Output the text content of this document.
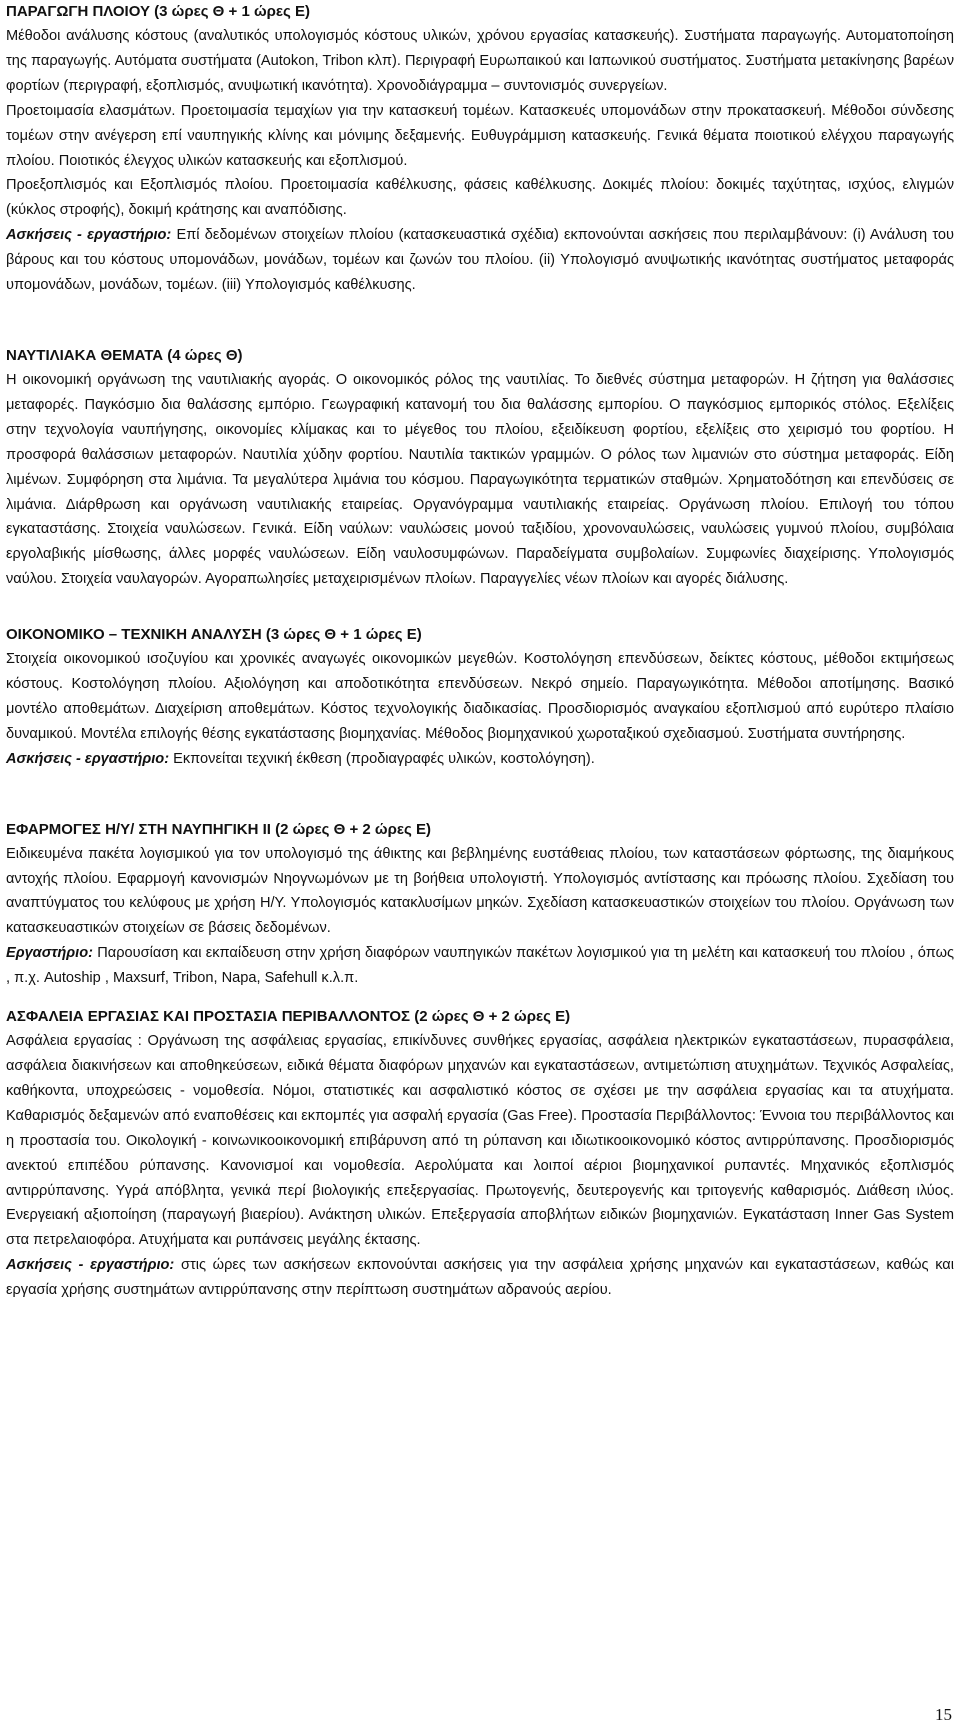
ΠΑΡΑΓΩΓΗ ΠΛΟΙΟΥ (3 ώρες Θ + 1 ώρες Ε)

Μέθοδοι ανάλυσης κόστους (αναλυτικός υπολογισμός κόστους υλικών, χρόνου εργασίας κατασκευής). Συστήματα παραγωγής. Αυτοματοποίηση της παραγωγής. Αυτόματα συστήματα (Autokon, Tribon κλπ). Περιγραφή Ευρωπαικού και Ιαπωνικού συστήματος. Συστήματα μετακίνησης βαρέων φορτίων (περιγραφή, εξοπλισμός, ανυψωτική ικανότητα). Χρονοδιάγραμμα – συντονισμός συνεργείων.

Προετοιμασία ελασμάτων. Προετοιμασία τεμαχίων για την κατασκευή τομέων. Κατασκευές υπομονάδων στην προκατασκευή. Μέθοδοι σύνδεσης τομέων στην ανέγερση επί ναυπηγικής κλίνης και μόνιμης δεξαμενής. Ευθυγράμμιση κατασκευής. Γενικά θέματα ποιοτικού ελέγχου παραγωγής πλοίου. Ποιοτικός έλεγχος υλικών κατασκευής και εξοπλισμού.

Προεξοπλισμός και Εξοπλισμός πλοίου. Προετοιμασία καθέλκυσης, φάσεις καθέλκυσης. Δοκιμές πλοίου: δοκιμές ταχύτητας, ισχύος, ελιγμών (κύκλος στροφής), δοκιμή κράτησης και αναπόδισης.

Ασκήσεις - εργαστήριο: Επί δεδομένων στοιχείων πλοίου (κατασκευαστικά σχέδια) εκπονούνται ασκήσεις που περιλαμβάνουν: (i) Ανάλυση του βάρους και του κόστους υπομονάδων, μονάδων, τομέων και ζωνών του πλοίου. (ii) Υπολογισμό ανυψωτικής ικανότητας συστήματος μεταφοράς υπομονάδων, μονάδων, τομέων. (iii) Υπολογισμός καθέλκυσης.

ΝΑΥΤΙΛΙΑΚΑ ΘΕΜΑΤΑ (4 ώρες Θ)

Η οικονομική οργάνωση της ναυτιλιακής αγοράς. Ο οικονομικός ρόλος της ναυτιλίας. Το διεθνές σύστημα μεταφορών. Η ζήτηση για θαλάσσιες μεταφορές. Παγκόσμιο δια θαλάσσης εμπόριο. Γεωγραφική κατανομή του δια θαλάσσης εμπορίου. Ο παγκόσμιος εμπορικός στόλος. Εξελίξεις στην τεχνολογία ναυπήγησης, οικονομίες κλίμακας και το μέγεθος του πλοίου, εξειδίκευση φορτίου, εξελίξεις στο χειρισμό του φορτίου. Η προσφορά θαλάσσιων μεταφορών. Ναυτιλία χύδην φορτίου. Ναυτιλία τακτικών γραμμών. Ο ρόλος των λιμανιών στο σύστημα μεταφοράς. Είδη λιμένων. Συμφόρηση στα λιμάνια. Τα μεγαλύτερα λιμάνια του κόσμου. Παραγωγικότητα τερματικών σταθμών. Χρηματοδότηση και επενδύσεις σε λιμάνια. Διάρθρωση και οργάνωση ναυτιλιακής εταιρείας. Οργανόγραμμα ναυτιλιακής εταιρείας. Οργάνωση πλοίου. Επιλογή του τόπου εγκαταστάσης. Στοιχεία ναυλώσεων. Γενικά. Είδη ναύλων: ναυλώσεις μονού ταξιδίου, χρονοναυλώσεις, ναυλώσεις γυμνού πλοίου, συμβόλαια εργολαβικής μίσθωσης, άλλες μορφές ναυλώσεων. Είδη ναυλοσυμφώνων. Παραδείγματα συμβολαίων. Συμφωνίες διαχείρισης. Υπολογισμός ναύλου. Στοιχεία ναυλαγορών. Αγοραπωλησίες μεταχειρισμένων πλοίων. Παραγγελίες νέων πλοίων και αγορές διάλυσης.

ΟΙΚΟΝΟΜΙΚΟ – ΤΕΧΝΙΚΗ ΑΝΑΛΥΣΗ (3 ώρες Θ + 1 ώρες Ε)

Στοιχεία οικονομικού ισοζυγίου και χρονικές αναγωγές οικονομικών μεγεθών. Κοστολόγηση επενδύσεων, δείκτες κόστους, μέθοδοι εκτιμήσεως κόστους. Κοστολόγηση πλοίου. Αξιολόγηση και αποδοτικότητα επενδύσεων. Νεκρό σημείο. Παραγωγικότητα. Μέθοδοι αποτίμησης. Βασικό μοντέλο αποθεμάτων. Διαχείριση αποθεμάτων. Κόστος τεχνολογικής διαδικασίας. Προσδιορισμός αναγκαίου εξοπλισμού από ευρύτερο πλαίσιο δυναμικού. Μοντέλα επιλογής θέσης εγκατάστασης βιομηχανίας. Μέθοδος βιομηχανικού χωροταξικού σχεδιασμού. Συστήματα συντήρησης.

Ασκήσεις - εργαστήριο: Εκπονείται τεχνική έκθεση (προδιαγραφές υλικών, κοστολόγηση).

ΕΦΑΡΜΟΓΕΣ Η/Υ/ ΣΤΗ ΝΑΥΠΗΓΙΚΗ ΙΙ (2 ώρες Θ + 2 ώρες Ε)

Ειδικευμένα πακέτα λογισμικού για τον υπολογισμό της άθικτης και βεβλημένης ευστάθειας πλοίου, των καταστάσεων φόρτωσης, της διαμήκους αντοχής πλοίου. Εφαρμογή κανονισμών Νηογνωμόνων με τη βοήθεια υπολογιστή. Υπολογισμός αντίστασης και πρόωσης πλοίου. Σχεδίαση του αναπτύγματος του κελύφους με χρήση Η/Υ. Υπολογισμός κατακλυσίμων μηκών. Σχεδίαση κατασκευαστικών στοιχείων του πλοίου. Οργάνωση των κατασκευαστικών στοιχείων σε βάσεις δεδομένων.

Εργαστήριο: Παρουσίαση και εκπαίδευση στην χρήση διαφόρων ναυπηγικών πακέτων λογισμικού για τη μελέτη και κατασκευή του πλοίου , όπως , π.χ. Autoship , Maxsurf, Tribon, Napa, Safehull κ.λ.π.

ΑΣΦΑΛΕΙΑ ΕΡΓΑΣΙΑΣ ΚΑΙ ΠΡΟΣΤΑΣΙΑ ΠΕΡΙΒΑΛΛΟΝΤΟΣ (2 ώρες Θ + 2 ώρες Ε)

Ασφάλεια εργασίας : Οργάνωση της ασφάλειας εργασίας, επικίνδυνες συνθήκες εργασίας, ασφάλεια ηλεκτρικών εγκαταστάσεων, πυρασφάλεια, ασφάλεια διακινήσεων και αποθηκεύσεων, ειδικά θέματα διαφόρων μηχανών και εγκαταστάσεων, αντιμετώπιση ατυχημάτων. Τεχνικός Ασφαλείας, καθήκοντα, υποχρεώσεις - νομοθεσία. Νόμοι, στατιστικές και ασφαλιστικό κόστος σε σχέσει με την ασφάλεια εργασίας και τα ατυχήματα. Καθαρισμός δεξαμενών από εναποθέσεις και εκπομπές για ασφαλή εργασία (Gas Free). Προστασία Περιβάλλοντος: Έννοια του περιβάλλοντος και η προστασία του. Οικολογική - κοινωνικοοικονομική επιβάρυνση από τη ρύπανση και ιδιωτικοοικονομικό κόστος αντιρρύπανσης. Προσδιορισμός ανεκτού επιπέδου ρύπανσης. Κανονισμοί και νομοθεσία. Αερολύματα και λοιποί αέριοι βιομηχανικοί ρυπαντές. Μηχανικός εξοπλισμός αντιρρύπανσης. Υγρά απόβλητα, γενικά περί βιολογικής επεξεργασίας. Πρωτογενής, δευτερογενής και τριτογενής καθαρισμός. Διάθεση ιλύος. Ενεργειακή αξιοποίηση (παραγωγή βιαερίου). Ανάκτηση υλικών. Επεξεργασία αποβλήτων ειδικών βιομηχανιών. Εγκατάσταση Inner Gas System στα πετρελαιοφόρα. Ατυχήματα και ρυπάνσεις μεγάλης έκτασης.

Ασκήσεις - εργαστήριο: στις ώρες των ασκήσεων εκπονούνται ασκήσεις για την ασφάλεια χρήσης μηχανών και εγκαταστάσεων, καθώς και εργασία χρήσης συστημάτων αντιρρύπανσης στην περίπτωση συστημάτων αδρανούς αερίου.

15
